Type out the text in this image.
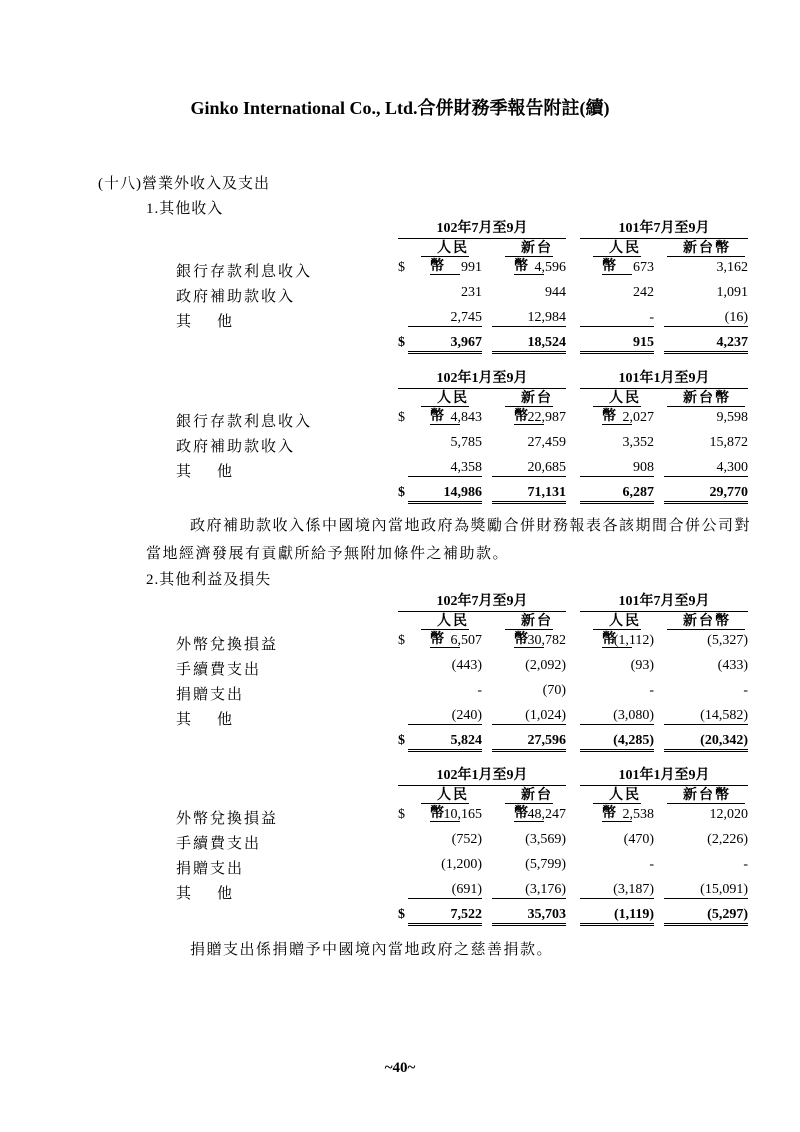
Ginko International Co., Ltd.合併財務季報告附註(續)
(十八)營業外收入及支出
1.其他收入
102年7月至9月	101年7月至9月
人民幣
新台幣
人民幣
新台幣
銀行存款利息收入	$	991	4,596	673	3,162
政府補助款收入	231	944	242	1,091
其他	2,745	12,984	-	(16)
$	3,967	18,524	915	4,237
102年1月至9月	101年1月至9月
人民幣
新台幣
人民幣
新台幣
銀行存款利息收入	$	4,843	22,987	2,027	9,598
政府補助款收入	5,785	27,459	3,352	15,872
其他	4,358	20,685	908	4,300
$	14,986	71,131	6,287	29,770
政府補助款收入係中國境內當地政府為獎勵合併財務報表各該期間合併公司對
當地經濟發展有貢獻所給予無附加條件之補助款。
2.其他利益及損失
102年7月至9月	101年7月至9月
人民幣
新台幣
人民幣
新台幣
外幣兌換損益	$	6,507	30,782	(1,112)	(5,327)
手續費支出	(443)	(2,092)	(93)	(433)
捐贈支出	-	(70)	-	-
其他	(240)	(1,024)	(3,080)	(14,582)
$	5,824	27,596	(4,285)	(20,342)
102年1月至9月	101年1月至9月
人民幣
新台幣
人民幣
新台幣
外幣兌換損益	$	10,165	48,247	2,538	12,020
手續費支出	(752)	(3,569)	(470)	(2,226)
捐贈支出	(1,200)	(5,799)	-	-
其他	(691)	(3,176)	(3,187)	(15,091)
$	7,522	35,703	(1,119)	(5,297)
捐贈支出係捐贈予中國境內當地政府之慈善捐款。
~40~
